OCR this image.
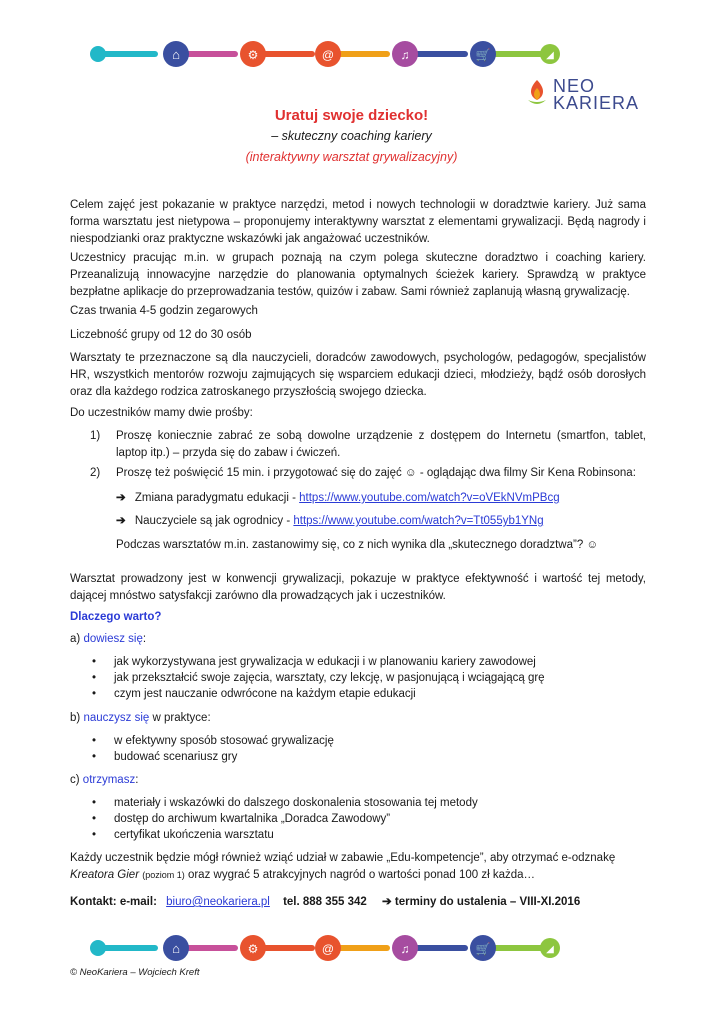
⌂	⚙	@	♫	🛒	◢
NEO
KARIERA
Uratuj swoje dziecko!
– skuteczny coaching kariery
(interaktywny warsztat grywalizacyjny)
Celem zajęć jest pokazanie w praktyce narzędzi, metod i nowych technologii w doradztwie kariery. Już sama forma warsztatu jest nietypowa – proponujemy interaktywny warsztat z elementami grywalizacji. Będą nagrody i niespodzianki oraz praktyczne wskazówki jak angażować uczestników.
Uczestnicy pracując m.in. w grupach poznają na czym polega skuteczne doradztwo i coaching kariery. Przeanalizują innowacyjne narzędzie do planowania optymalnych ścieżek kariery. Sprawdzą w praktyce bezpłatne aplikacje do przeprowadzania testów, quizów i zabaw. Sami również zaplanują własną grywalizację.
Czas trwania 4-5 godzin zegarowych
Liczebność grupy od 12 do 30 osób
Warsztaty te przeznaczone są dla nauczycieli, doradców zawodowych, psychologów, pedagogów, specjalistów HR, wszystkich mentorów rozwoju zajmujących się wsparciem edukacji dzieci, młodzieży, bądź osób dorosłych oraz dla każdego rodzica zatroskanego przyszłością swojego dziecka.
Do uczestników mamy dwie prośby:
1) Proszę koniecznie zabrać ze sobą dowolne urządzenie z dostępem do Internetu (smartfon, tablet, laptop itp.) – przyda się do zabaw i ćwiczeń.
2) Proszę też poświęcić 15 min. i przygotować się do zajęć ☺ - oglądając dwa filmy Sir Kena Robinsona:
➔ Zmiana paradygmatu edukacji - https://www.youtube.com/watch?v=oVEkNVmPBcg
➔ Nauczyciele są jak ogrodnicy - https://www.youtube.com/watch?v=Tt055yb1YNg
Podczas warsztatów m.in. zastanowimy się, co z nich wynika dla „skutecznego doradztwa”? ☺
Warsztat prowadzony jest w konwencji grywalizacji, pokazuje w praktyce efektywność i wartość tej metody, dającej mnóstwo satysfakcji zarówno dla prowadzących jak i uczestników.
Dlaczego warto?
a) dowiesz się:
• jak wykorzystywana jest grywalizacja w edukacji i w planowaniu kariery zawodowej
• jak przekształcić swoje zajęcia, warsztaty, czy lekcję, w pasjonującą i wciągającą grę
• czym jest nauczanie odwrócone na każdym etapie edukacji
b) nauczysz się w praktyce:
• w efektywny sposób stosować grywalizację
• budować scenariusz gry
c) otrzymasz:
• materiały i wskazówki do dalszego doskonalenia stosowania tej metody
• dostęp do archiwum kwartalnika „Doradca Zawodowy”
• certyfikat ukończenia warsztatu
Każdy uczestnik będzie mógł również wziąć udział w zabawie „Edu-kompetencje”, aby otrzymać e-odznakę
Kreatora Gier (poziom 1) oraz wygrać 5 atrakcyjnych nagród o wartości ponad 100 zł każda…
Kontakt: e-mail: biuro@neokariera.pl tel. 888 355 342 ➔ terminy do ustalenia – VIII-XI.2016
⌂	⚙	@	♫	🛒	◢
© NeoKariera – Wojciech Kreft
